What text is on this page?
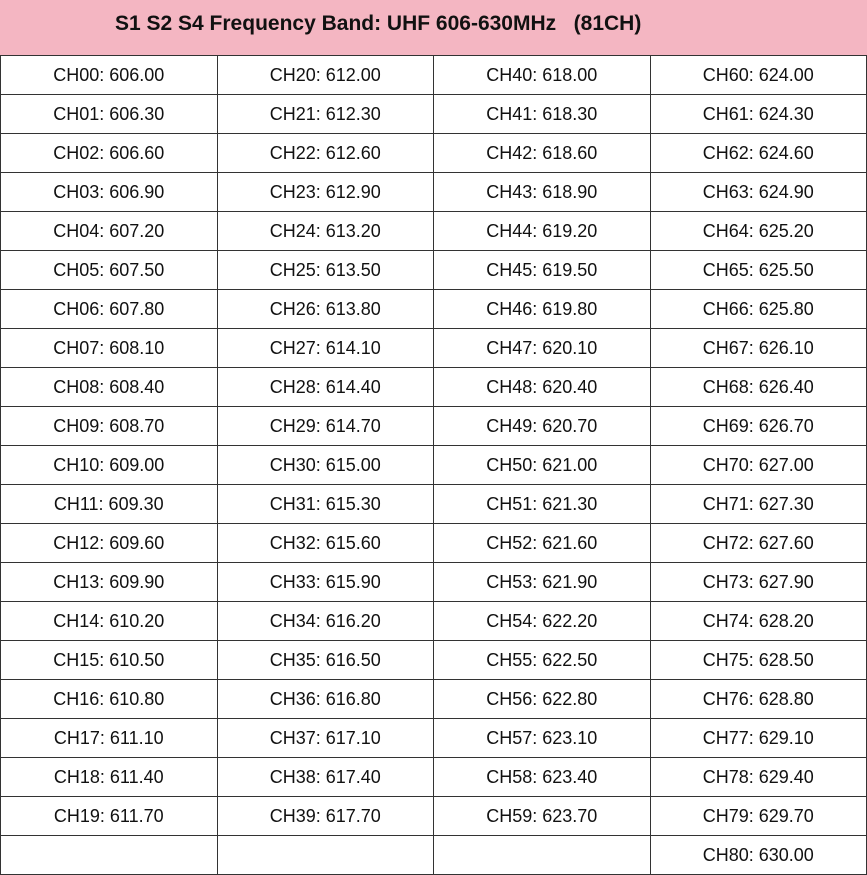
S1 S2 S4 Frequency Band: UHF 606-630MHz   (81CH)
CH00: 606.00	CH20: 612.00	CH40: 618.00	CH60: 624.00
CH01: 606.30	CH21: 612.30	CH41: 618.30	CH61: 624.30
CH02: 606.60	CH22: 612.60	CH42: 618.60	CH62: 624.60
CH03: 606.90	CH23: 612.90	CH43: 618.90	CH63: 624.90
CH04: 607.20	CH24: 613.20	CH44: 619.20	CH64: 625.20
CH05: 607.50	CH25: 613.50	CH45: 619.50	CH65: 625.50
CH06: 607.80	CH26: 613.80	CH46: 619.80	CH66: 625.80
CH07: 608.10	CH27: 614.10	CH47: 620.10	CH67: 626.10
CH08: 608.40	CH28: 614.40	CH48: 620.40	CH68: 626.40
CH09: 608.70	CH29: 614.70	CH49: 620.70	CH69: 626.70
CH10: 609.00	CH30: 615.00	CH50: 621.00	CH70: 627.00
CH11: 609.30	CH31: 615.30	CH51: 621.30	CH71: 627.30
CH12: 609.60	CH32: 615.60	CH52: 621.60	CH72: 627.60
CH13: 609.90	CH33: 615.90	CH53: 621.90	CH73: 627.90
CH14: 610.20	CH34: 616.20	CH54: 622.20	CH74: 628.20
CH15: 610.50	CH35: 616.50	CH55: 622.50	CH75: 628.50
CH16: 610.80	CH36: 616.80	CH56: 622.80	CH76: 628.80
CH17: 611.10	CH37: 617.10	CH57: 623.10	CH77: 629.10
CH18: 611.40	CH38: 617.40	CH58: 623.40	CH78: 629.40
CH19: 611.70	CH39: 617.70	CH59: 623.70	CH79: 629.70
			CH80: 630.00
